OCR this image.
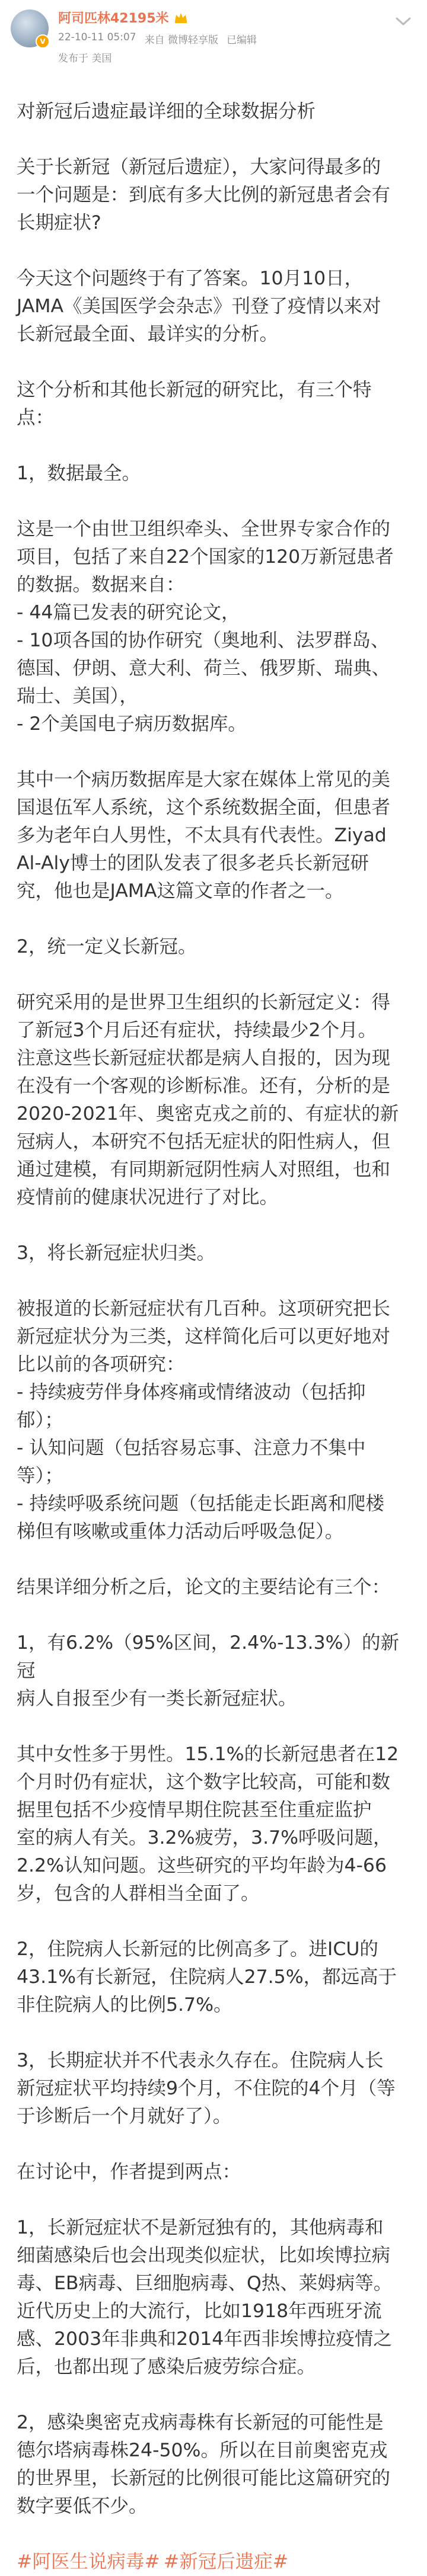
V
阿司匹林42195米
22-10-11 05:07 来自 微博轻享版 已编辑
发布于 美国

对新冠后遗症最详细的全球数据分析

关于长新冠（新冠后遗症），大家问得最多的
一个问题是：到底有多大比例的新冠患者会有
长期症状?

今天这个问题终于有了答案。10月10日，
JAMA《美国医学会杂志》刊登了疫情以来对
长新冠最全面、最详实的分析。

这个分析和其他长新冠的研究比，有三个特
点：

1，数据最全。

这是一个由世卫组织牵头、全世界专家合作的
项目，包括了来自22个国家的120万新冠患者
的数据。数据来自：
- 44篇已发表的研究论文，
- 10项各国的协作研究（奥地利、法罗群岛、
德国、伊朗、意大利、荷兰、俄罗斯、瑞典、
瑞士、美国），
- 2个美国电子病历数据库。

其中一个病历数据库是大家在媒体上常见的美
国退伍军人系统，这个系统数据全面，但患者
多为老年白人男性，不太具有代表性。Ziyad
Al-Aly博士的团队发表了很多老兵长新冠研
究，他也是JAMA这篇文章的作者之一。

2，统一定义长新冠。

研究采用的是世界卫生组织的长新冠定义：得
了新冠3个月后还有症状，持续最少2个月。
注意这些长新冠症状都是病人自报的，因为现
在没有一个客观的诊断标准。还有，分析的是
2020-2021年、奥密克戎之前的、有症状的新
冠病人，本研究不包括无症状的阳性病人，但
通过建模，有同期新冠阴性病人对照组，也和
疫情前的健康状况进行了对比。

3，将长新冠症状归类。

被报道的长新冠症状有几百种。这项研究把长
新冠症状分为三类，这样简化后可以更好地对
比以前的各项研究：
- 持续疲劳伴身体疼痛或情绪波动（包括抑
郁）；
- 认知问题（包括容易忘事、注意力不集中
等）；
- 持续呼吸系统问题（包括能走长距离和爬楼
梯但有咳嗽或重体力活动后呼吸急促）。

结果详细分析之后，论文的主要结论有三个：

1，有6.2%（95%区间，2.4%-13.3%）的新冠
病人自报至少有一类长新冠症状。

其中女性多于男性。15.1%的长新冠患者在12
个月时仍有症状，这个数字比较高，可能和数
据里包括不少疫情早期住院甚至住重症监护
室的病人有关。3.2%疲劳，3.7%呼吸问题，
2.2%认知问题。这些研究的平均年龄为4-66
岁，包含的人群相当全面了。

2，住院病人长新冠的比例高多了。进ICU的
43.1%有长新冠，住院病人27.5%，都远高于
非住院病人的比例5.7%。

3，长期症状并不代表永久存在。住院病人长
新冠症状平均持续9个月，不住院的4个月（等
于诊断后一个月就好了）。

在讨论中，作者提到两点：

1，长新冠症状不是新冠独有的，其他病毒和
细菌感染后也会出现类似症状，比如埃博拉病
毒、EB病毒、巨细胞病毒、Q热、莱姆病等。
近代历史上的大流行，比如1918年西班牙流
感、2003年非典和2014年西非埃博拉疫情之
后，也都出现了感染后疲劳综合症。

2，感染奥密克戎病毒株有长新冠的可能性是
德尔塔病毒株24-50%。所以在目前奥密克戎
的世界里，长新冠的比例很可能比这篇研究的
数字要低不少。

#阿医生说病毒# #新冠后遗症#
